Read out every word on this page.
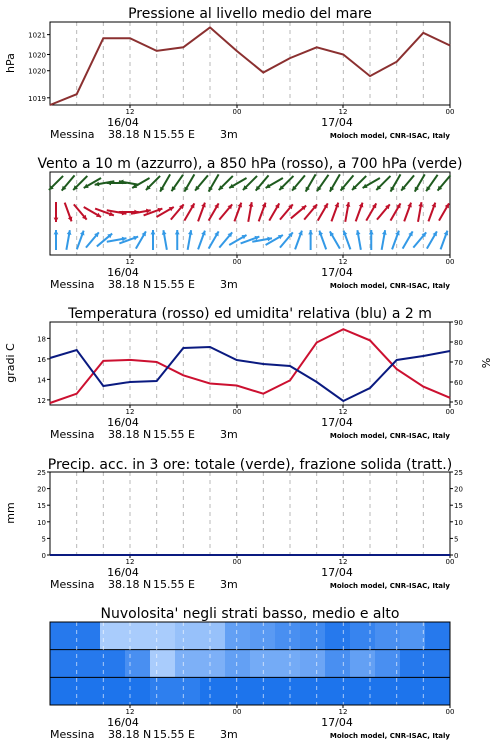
Pressione al livello medio del mare
12	00	12	00
16/04	17/04
Messina 38.18 N 15.55 E 3m	Moloch model, CNR-ISAC, Italy
hPa
1019
1020
1020
1021
Vento a 10 m (azzurro), a 850 hPa (rosso), a 700 hPa (verde)
12	00	12	00
16/04	17/04
Messina 38.18 N 15.55 E 3m	Moloch model, CNR-ISAC, Italy
Temperatura (rosso) ed umidita' relativa (blu) a 2 m
12	00	12	00
16/04	17/04
Messina 38.18 N 15.55 E 3m	Moloch model, CNR-ISAC, Italy
gradi C	%
12
14
16
18
50
60
70
80
90
Precip. acc. in 3 ore: totale (verde), frazione solida (tratt.)
12	00	12	00
16/04	17/04
Messina 38.18 N 15.55 E 3m	Moloch model, CNR-ISAC, Italy
mm
0	0
5	5
10	10
15	15
20	20
25	25
Nuvolosita' negli strati basso, medio e alto
12	00	12	00
16/04	17/04
Messina 38.18 N 15.55 E 3m	Moloch model, CNR-ISAC, Italy
